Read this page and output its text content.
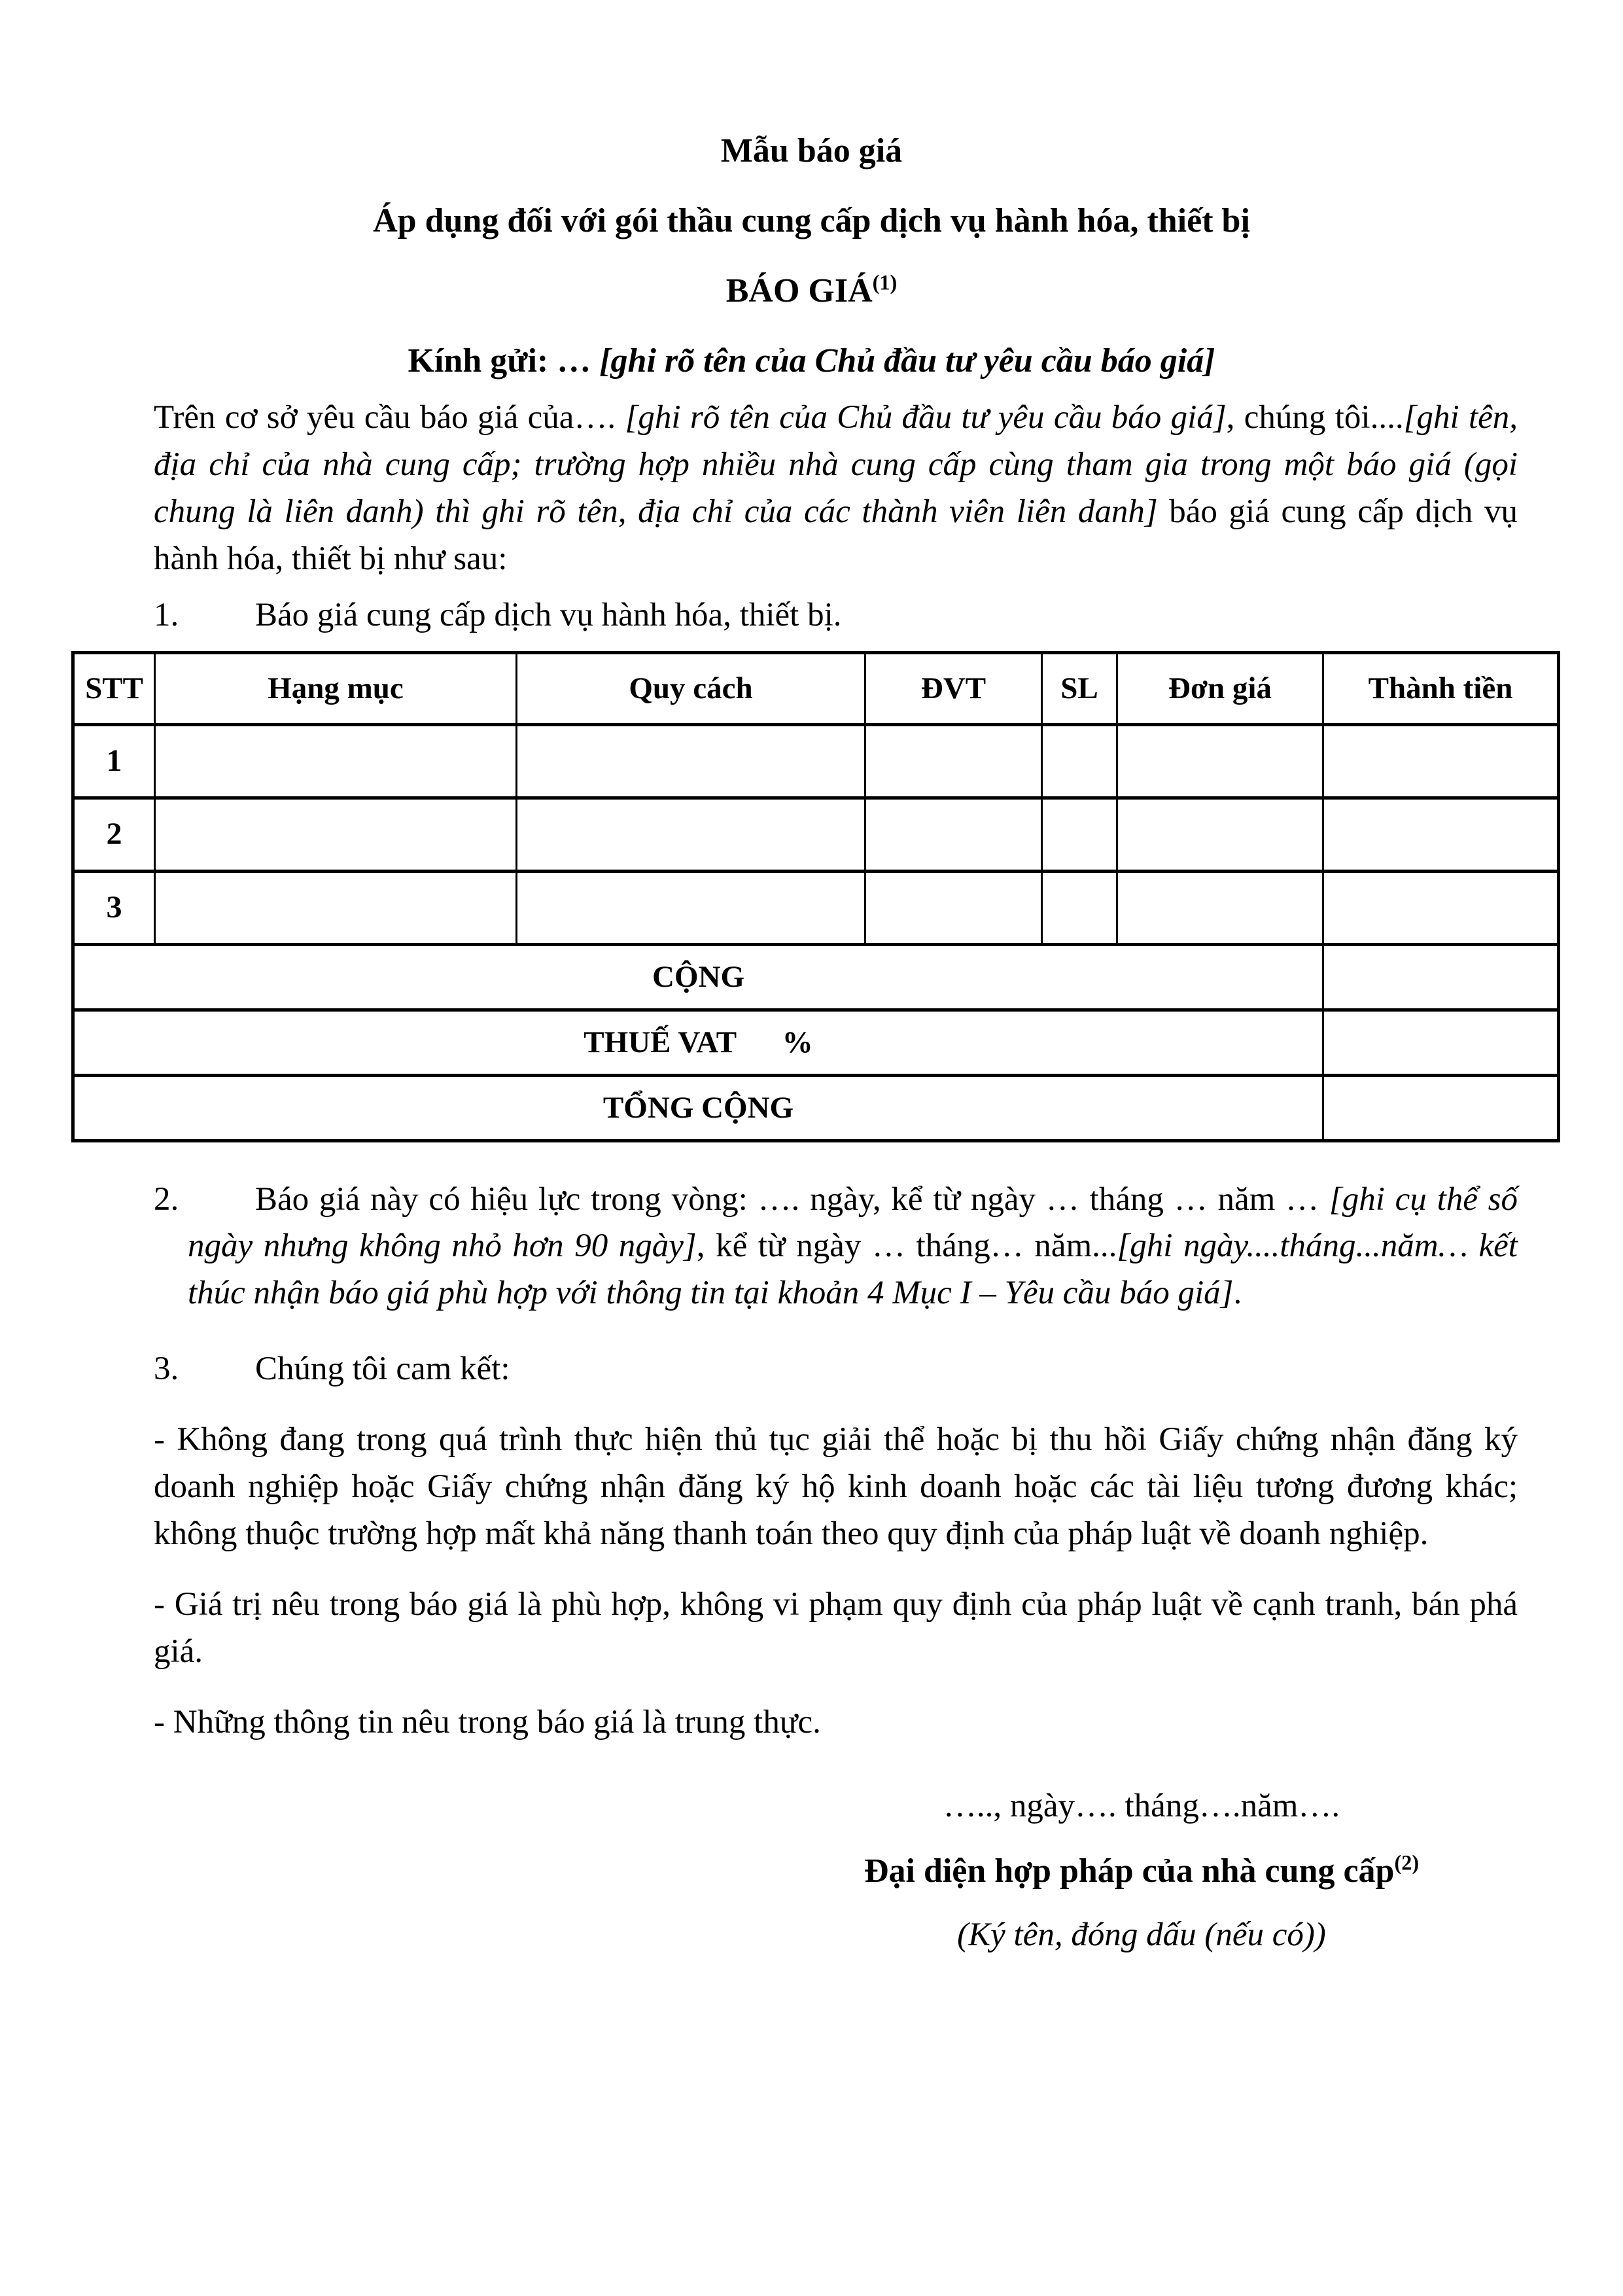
Mẫu báo giá

Áp dụng đối với gói thầu cung cấp dịch vụ hành hóa, thiết bị

BÁO GIÁ$^{(1)}$

Kính gửi: … [ghi rõ tên của Chủ đầu tư yêu cầu báo giá]

Trên cơ sở yêu cầu báo giá của…. [ghi rõ tên của Chủ đầu tư yêu cầu báo giá], chúng tôi....[ghi tên, địa chỉ của nhà cung cấp; trường hợp nhiều nhà cung cấp cùng tham gia trong một báo giá (gọi chung là liên danh) thì ghi rõ tên, địa chỉ của các thành viên liên danh] báo giá cung cấp dịch vụ hành hóa, thiết bị như sau:

1. Báo giá cung cấp dịch vụ hành hóa, thiết bị.

STT	Hạng mục	Quy cách	ĐVT	SL	Đơn giá	Thành tiền
1						
2						
3						
CỘNG						
THUẾ VAT      %						
TỔNG CỘNG						

2. Báo giá này có hiệu lực trong vòng: …. ngày, kể từ ngày … tháng … năm … [ghi cụ thể số ngày nhưng không nhỏ hơn 90 ngày], kể từ ngày … tháng… năm...[ghi ngày....tháng...năm… kết thúc nhận báo giá phù hợp với thông tin tại khoản 4 Mục I – Yêu cầu báo giá].

3. Chúng tôi cam kết:

- Không đang trong quá trình thực hiện thủ tục giải thể hoặc bị thu hồi Giấy chứng nhận đăng ký doanh nghiệp hoặc Giấy chứng nhận đăng ký hộ kinh doanh hoặc các tài liệu tương đương khác; không thuộc trường hợp mất khả năng thanh toán theo quy định của pháp luật về doanh nghiệp.

- Giá trị nêu trong báo giá là phù hợp, không vi phạm quy định của pháp luật về cạnh tranh, bán phá giá.

- Những thông tin nêu trong báo giá là trung thực.

….., ngày…. tháng….năm….

Đại diện hợp pháp của nhà cung cấp$^{(2)}$

(Ký tên, đóng dấu (nếu có))
